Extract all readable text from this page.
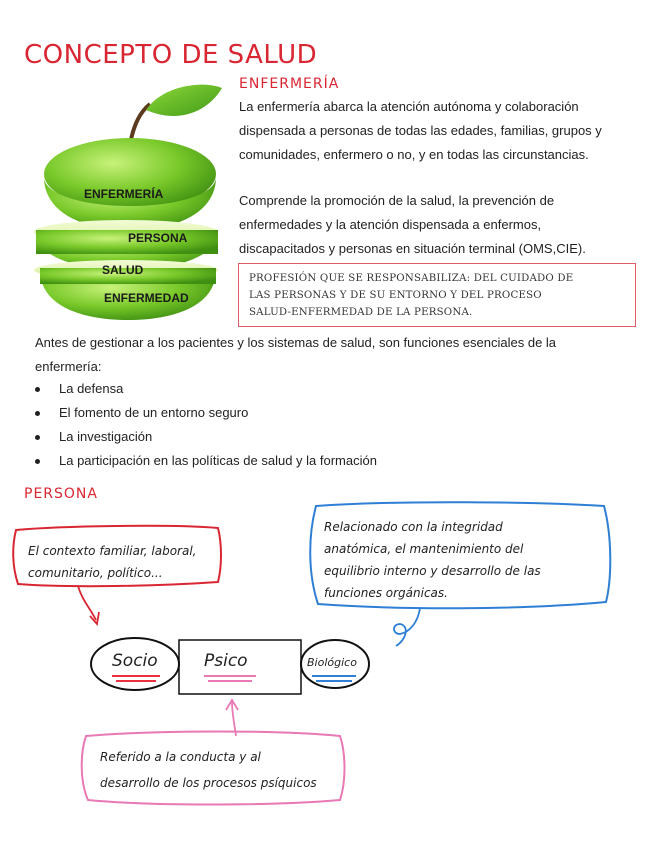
CONCEPTO DE SALUD
ENFERMERÍA
PERSONA
SALUD
ENFERMEDAD
ENFERMERÍA
La enfermería abarca la atención autónoma y colaboración
dispensada a personas de todas las edades, familias, grupos y
comunidades, enfermero o no, y en todas las circunstancias.
Comprende la promoción de la salud, la prevención de
enfermedades y la atención dispensada a enfermos,
discapacitados y personas en situación terminal (OMS,CIE).
PROFESIÓN QUE SE RESPONSABILIZA: DEL CUIDADO DE
LAS PERSONAS Y DE SU ENTORNO Y DEL PROCESO
SALUD-ENFERMEDAD DE LA PERSONA.
Antes de gestionar a los pacientes y los sistemas de salud, son funciones esenciales de la
enfermería:
La defensa
El fomento de un entorno seguro
La investigación
La participación en las políticas de salud y la formación
PERSONA
El contexto familiar, laboral,
comunitario, político...
Relacionado con la integridad
anatómica, el mantenimiento del
equilibrio interno y desarrollo de las
funciones orgánicas.
Referido a la conducta y al
desarrollo de los procesos psíquicos
Socio	Psico	Biológico
